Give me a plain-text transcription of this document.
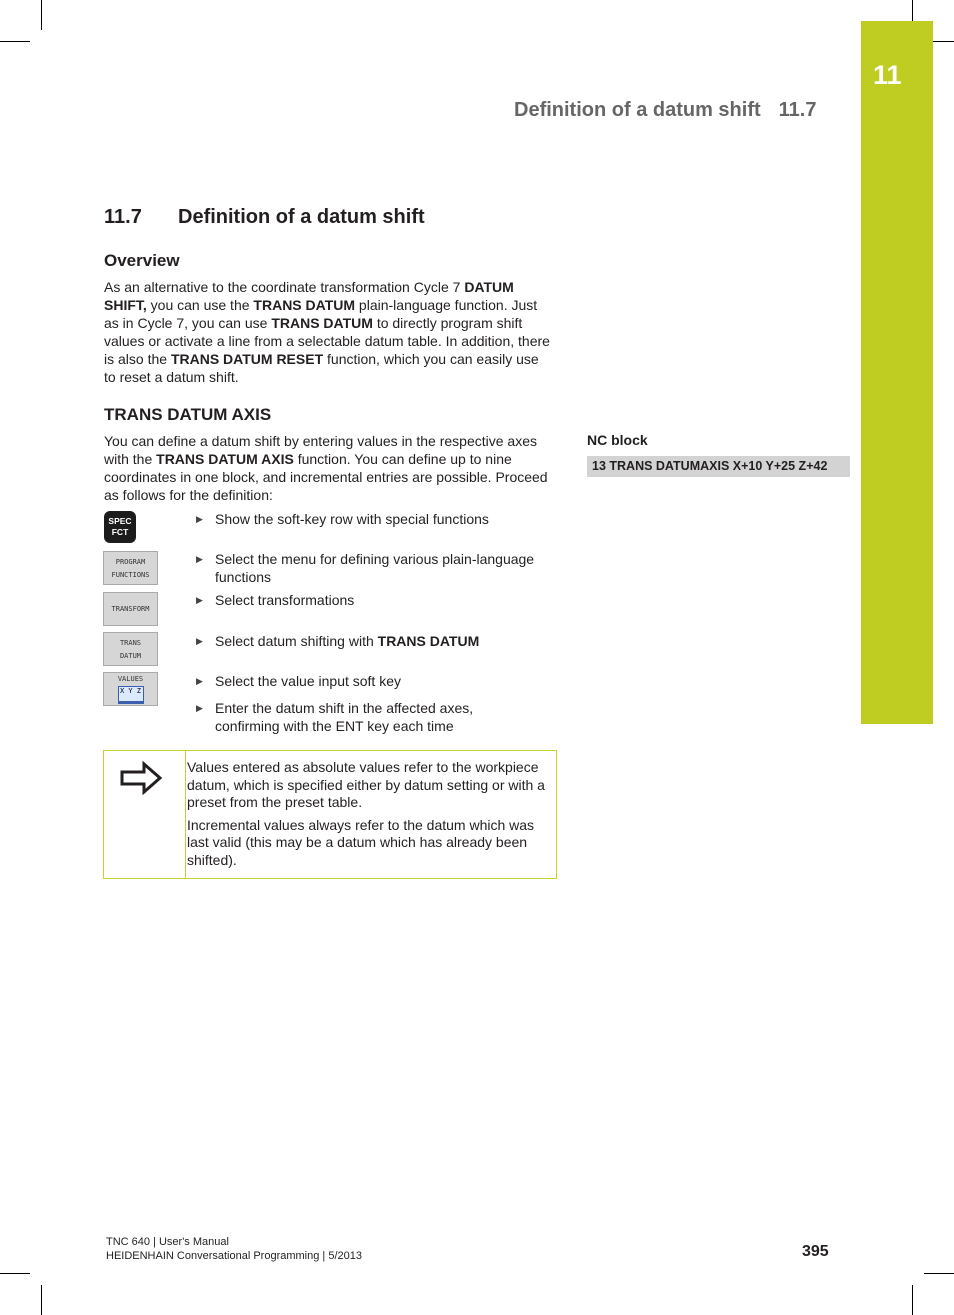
11
Definition of a datum shift 11.7
11.7 Definition of a datum shift
Overview
As an alternative to the coordinate transformation Cycle 7 DATUM SHIFT, you can use the TRANS DATUM plain-language function. Just as in Cycle 7, you can use TRANS DATUM to directly program shift values or activate a line from a selectable datum table. In addition, there is also the TRANS DATUM RESET function, which you can easily use to reset a datum shift.
TRANS DATUM AXIS
You can define a datum shift by entering values in the respective axes with the TRANS DATUM AXIS function. You can define up to nine coordinates in one block, and incremental entries are possible. Proceed as follows for the definition:
SPEC
FCT
PROGRAM
FUNCTIONS
TRANSFORM
TRANS
DATUM
VALUES
X Y Z
▶ Show the soft-key row with special functions
▶ Select the menu for defining various plain-language functions
▶ Select transformations
▶ Select datum shifting with TRANS DATUM
▶ Select the value input soft key
▶ Enter the datum shift in the affected axes, confirming with the ENT key each time
Values entered as absolute values refer to the workpiece datum, which is specified either by datum setting or with a preset from the preset table.
Incremental values always refer to the datum which was last valid (this may be a datum which has already been shifted).
NC block
13 TRANS DATUMAXIS X+10 Y+25 Z+42
TNC 640 | User's Manual
HEIDENHAIN Conversational Programming | 5/2013	395
